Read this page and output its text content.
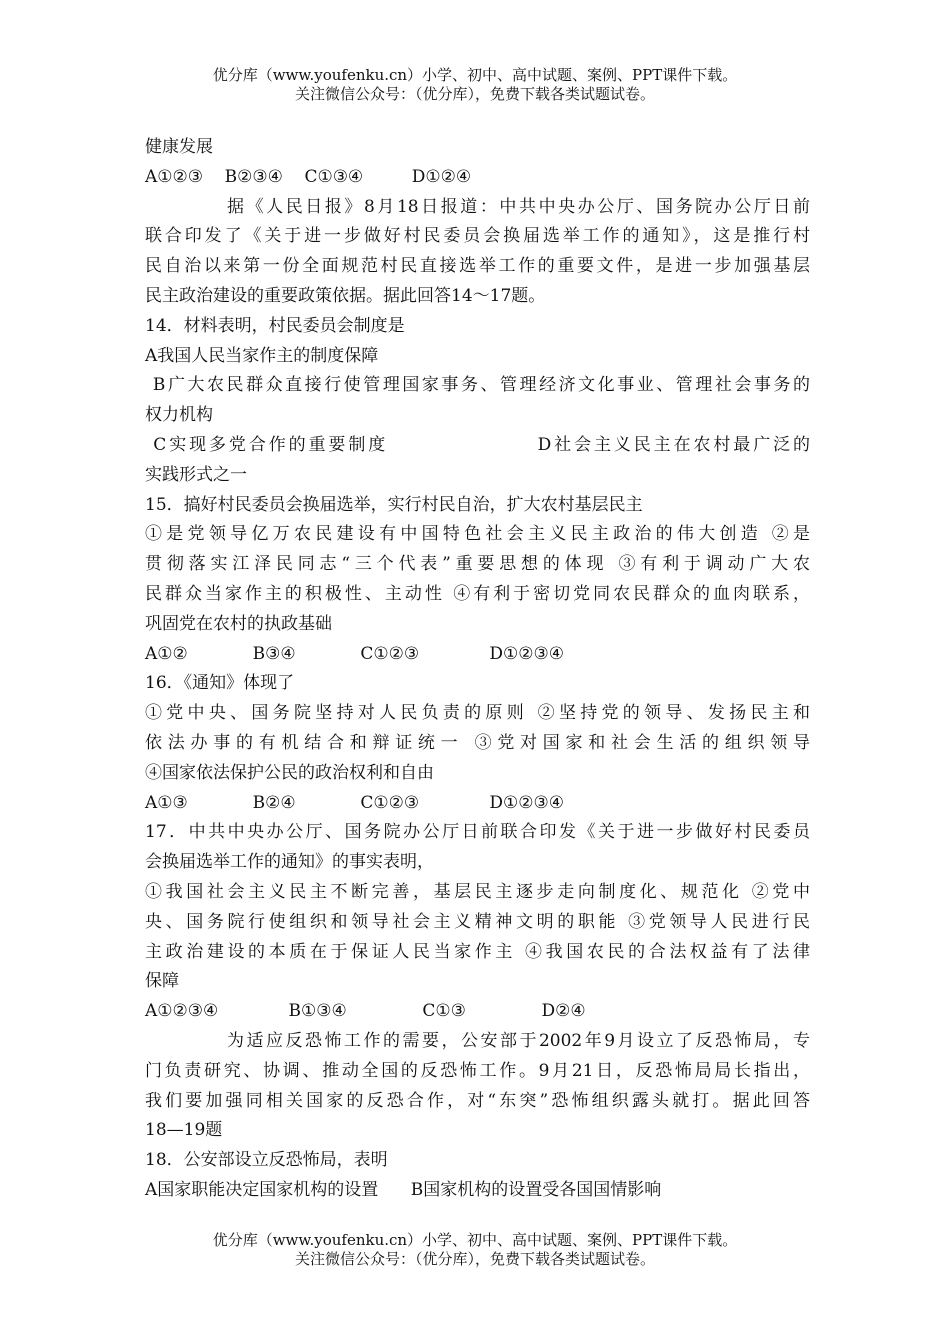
优分库（www.youfenku.cn）小学、初中、高中试题、案例、PPT课件下载。
关注微信公众号：（优分库），免费下载各类试题试卷。
健康发展
A①②③    B②③④    C①③④         D①②④
据《人民日报》8月18日报道：中共中央办公厅、国务院办公厅日前
联合印发了《关于进一步做好村民委员会换届选举工作的通知》，这是推行村
民自治以来第一份全面规范村民直接选举工作的重要文件，是进一步加强基层
民主政治建设的重要政策依据。据此回答14～17题。
14．材料表明，村民委员会制度是
A我国人民当家作主的制度保障
B广大农民群众直接行使管理国家事务、管理经济文化事业、管理社会事务的
权力机构
C实现多党合作的重要制度                  D社会主义民主在农村最广泛的
实践形式之一
15．搞好村民委员会换届选举，实行村民自治，扩大农村基层民主
①是党领导亿万农民建设有中国特色社会主义民主政治的伟大创造 ②是
贯彻落实江泽民同志“三个代表”重要思想的体现 ③有利于调动广大农
民群众当家作主的积极性、主动性 ④有利于密切党同农民群众的血肉联系，
巩固党在农村的执政基础
A①②            B③④            C①②③             D①②③④
16．《通知》体现了
①党中央、国务院坚持对人民负责的原则 ②坚持党的领导、发扬民主和
依法办事的有机结合和辩证统一 ③党对国家和社会生活的组织领导
④国家依法保护公民的政治权利和自由
A①③            B②④            C①②③             D①②③④
17．中共中央办公厅、国务院办公厅日前联合印发《关于进一步做好村民委员
会换届选举工作的通知》的事实表明，
①我国社会主义民主不断完善，基层民主逐步走向制度化、规范化 ②党中
央、国务院行使组织和领导社会主义精神文明的职能 ③党领导人民进行民
主政治建设的本质在于保证人民当家作主 ④我国农民的合法权益有了法律
保障
A①②③④             B①③④              C①③              D②④
为适应反恐怖工作的需要，公安部于2002年9月设立了反恐怖局，专
门负责研究、协调、推动全国的反恐怖工作。9月21日，反恐怖局局长指出，
我们要加强同相关国家的反恐合作，对“东突”恐怖组织露头就打。据此回答
18—19题
18．公安部设立反恐怖局，表明
A国家职能决定国家机构的设置      B国家机构的设置受各国国情影响
优分库（www.youfenku.cn）小学、初中、高中试题、案例、PPT课件下载。
关注微信公众号：（优分库），免费下载各类试题试卷。
